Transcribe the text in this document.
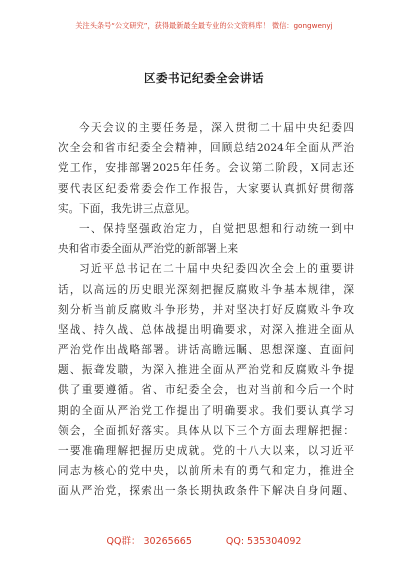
关注头条号“公文研究”，获得最新最全最专业的公文资料库！ 微信：gongwenyj
区委书记纪委全会讲话
今天会议的主要任务是，深入贯彻二十届中央纪委四
次全会和省市纪委全会精神，回顾总结2024年全面从严治
党工作，安排部署2025年任务。会议第二阶段，X同志还
要代表区纪委常委会作工作报告，大家要认真抓好贯彻落
实。下面，我先讲三点意见。
一、保持坚强政治定力，自觉把思想和行动统一到中
央和省市委全面从严治党的新部署上来
习近平总书记在二十届中央纪委四次全会上的重要讲
话，以高远的历史眼光深刻把握反腐败斗争基本规律，深
刻分析当前反腐败斗争形势，并对坚决打好反腐败斗争攻
坚战、持久战、总体战提出明确要求，对深入推进全面从
严治党作出战略部署。讲话高瞻远瞩、思想深邃、直面问
题、振聋发聩，为深入推进全面从严治党和反腐败斗争提
供了重要遵循。省、市纪委全会，也对当前和今后一个时
期的全面从严治党工作提出了明确要求。我们要认真学习
领会，全面抓好落实。具体从以下三个方面去理解把握：
一要准确理解把握历史成就。党的十八大以来，以习近平
同志为核心的党中央，以前所未有的勇气和定力，推进全
面从严治党，探索出一条长期执政条件下解决自身问题、
QQ群： 30265665	QQ: 535304092
